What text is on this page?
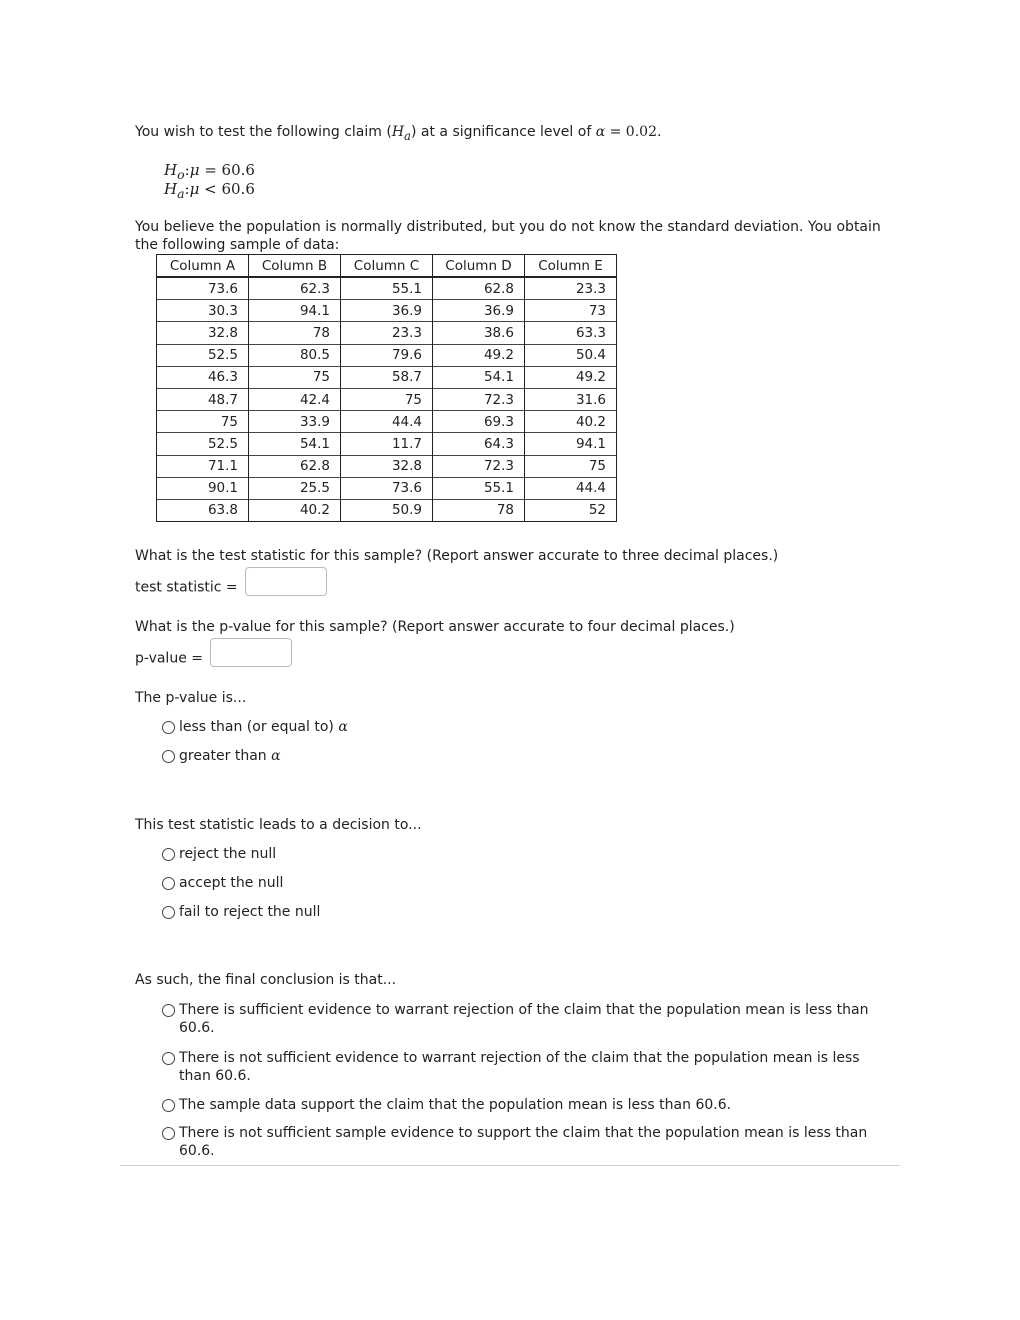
You wish to test the following claim $(H_a)$ at a significance level of α = 0.02.
$H_o:\mu = 60.6$
$H_a:\mu < 60.6$
You believe the population is normally distributed, but you do not know the standard deviation. You obtain the following sample of data:
Column A	Column B	Column C	Column D	Column E
73.6	62.3	55.1	62.8	23.3
30.3	94.1	36.9	36.9	73
32.8	78	23.3	38.6	63.3
52.5	80.5	79.6	49.2	50.4
46.3	75	58.7	54.1	49.2
48.7	42.4	75	72.3	31.6
75	33.9	44.4	69.3	40.2
52.5	54.1	11.7	64.3	94.1
71.1	62.8	32.8	72.3	75
90.1	25.5	73.6	55.1	44.4
63.8	40.2	50.9	78	52
What is the test statistic for this sample? (Report answer accurate to three decimal places.)
test statistic =
What is the p-value for this sample? (Report answer accurate to four decimal places.)
p-value =
The p-value is...
less than (or equal to) α
greater than α
This test statistic leads to a decision to...
reject the null
accept the null
fail to reject the null
As such, the final conclusion is that...
There is sufficient evidence to warrant rejection of the claim that the population mean is less than 60.6.
There is not sufficient evidence to warrant rejection of the claim that the population mean is less than 60.6.
The sample data support the claim that the population mean is less than 60.6.
There is not sufficient sample evidence to support the claim that the population mean is less than 60.6.
